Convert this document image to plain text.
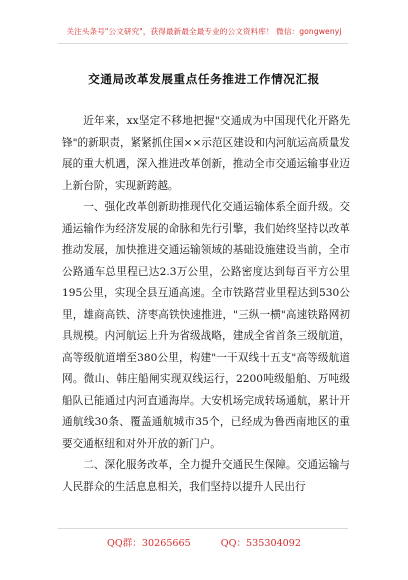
关注头条号"公文研究"，获得最新最全最专业的公文资料库！ 微信：gongwenyj
交通局改革发展重点任务推进工作情况汇报

近年来，xx坚定不移地把握"交通成为中国现代化开路先锋"的新职责，紧紧抓住国××示范区建设和内河航运高质量发展的重大机遇，深入推进改革创新，推动全市交通运输事业迈上新台阶，实现新跨越。

一、强化改革创新助推现代化交通运输体系全面升级。交通运输作为经济发展的命脉和先行引擎，我们始终坚持以改革推动发展，加快推进交通运输领域的基础设施建设当前，全市公路通车总里程已达2.3万公里，公路密度达到每百平方公里195公里，实现全县互通高速。全市铁路营业里程达到530公里，雄商高铁、济枣高铁快速推进，"三纵一横"高速铁路网初具规模。内河航运上升为省级战略，建成全省首条三级航道，高等级航道增至380公里，构建"一干双线十五支"高等级航道网。微山、韩庄船闸实现双线运行，2200吨级船舶、万吨级船队已能通过内河直通海岸。大安机场完成转场通航，累计开通航线30条、覆盖通航城市35个，已经成为鲁西南地区的重要交通枢纽和对外开放的新门户。

二、深化服务改革，全力提升交通民生保障。交通运输与人民群众的生活息息相关，我们坚持以提升人民出行

QQ群：30265665	QQ：535304092
